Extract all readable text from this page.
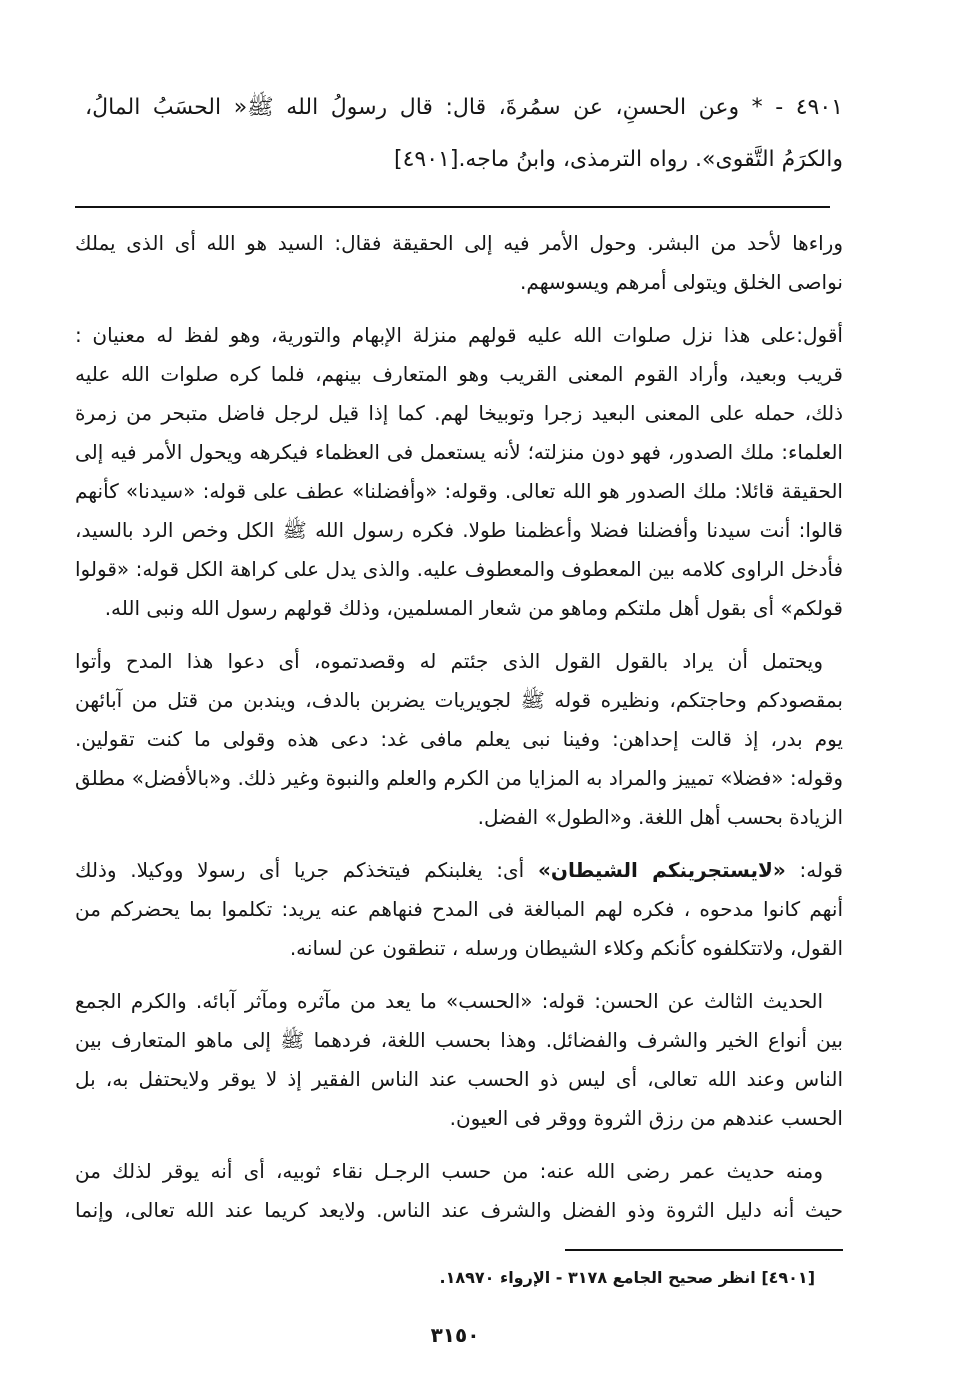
٤٩٠١ - * وعن الحسنِ، عن سمُرةَ، قال: قال رسولُ الله ﷺ« الحسَبُ المالُ،
والكرَمُ التَّقوى». رواه الترمذى، وابنُ ماجه.[٤٩٠١]
وراءها لأحد من البشر. وحول الأمر فيه إلى الحقيقة فقال: السيد هو الله أى الذى يملك
نواصى الخلق ويتولى أمرهم ويسوسهم.
أقول:على هذا نزل صلوات الله عليه قولهم منزلة الإبهام والتورية، وهو لفظ له معنيان :
قريب وبعيد، وأراد القوم المعنى القريب وهو المتعارف بينهم، فلما كره صلوات الله عليه
ذلك، حمله على المعنى البعيد زجرا وتوبيخا لهم. كما إذا قيل لرجل فاضل متبحر من زمرة
العلماء: ملك الصدور، فهو دون منزلته؛ لأنه يستعمل فى العظماء فيكرهه ويحول الأمر فيه إلى
الحقيقة قائلا: ملك الصدور هو الله تعالى. وقوله: «وأفضلنا» عطف على قوله: «سيدنا» كأنهم
قالوا: أنت سيدنا وأفضلنا فضلا وأعظمنا طولا. فكره رسول الله ﷺ الكل وخص الرد بالسيد،
فأدخل الراوى كلامه بين المعطوف والمعطوف عليه. والذى يدل على كراهة الكل قوله: «قولوا
قولكم» أى بقول أهل ملتكم وماهو من شعار المسلمين، وذلك قولهم رسول الله ونبى الله.
ويحتمل أن يراد بالقول القول الذى جئتم له وقصدتموه، أى دعوا هذا المدح وأتوا
بمقصودكم وحاجتكم، ونظيره قوله ﷺ لجويريات يضربن بالدف، ويندبن من قتل من آبائهن
يوم بدر، إذ قالت إحداهن: وفينا نبى يعلم مافى غد: دعى هذه وقولى ما كنت تقولين.
وقوله: «فضلا» تمييز والمراد به المزايا من الكرم والعلم والنبوة وغير ذلك. و«بالأفضل» مطلق
الزيادة بحسب أهل اللغة. و«الطول» الفضل.
قوله: «لايستجرينكم الشيطان» أى: يغلبنكم فيتخذكم جريا أى رسولا ووكيلا. وذلك
أنهم كانوا مدحوه ، فكره لهم المبالغة فى المدح فنهاهم عنه يريد: تكلموا بما يحضركم من
القول، ولاتتكلفوه كأنكم وكلاء الشيطان ورسله ، تنطقون عن لسانه.
الحديث الثالث عن الحسن: قوله: «الحسب» ما يعد من مآثره ومآثر آبائه. والكرم الجمع
بين أنواع الخير والشرف والفضائل. وهذا بحسب اللغة، فردهما ﷺ إلى ماهو المتعارف بين
الناس وعند الله تعالى، أى ليس ذو الحسب عند الناس الفقير إذ لا يوقر ولايحتفل به، بل
الحسب عندهم من رزق الثروة ووقر فى العيون.
ومنه حديث عمر رضى الله عنه: من حسب الرجـل نقاء ثوبيه، أى أنه يوقر لذلك من
حيث أنه دليل الثروة وذو الفضل والشرف عند الناس. ولايعد كريما عند الله تعالى، وإنما
[٤٩٠١] انظر صحيح الجامع ٣١٧٨ - الإرواء ١٨٩٧٠.
٣١٥٠
